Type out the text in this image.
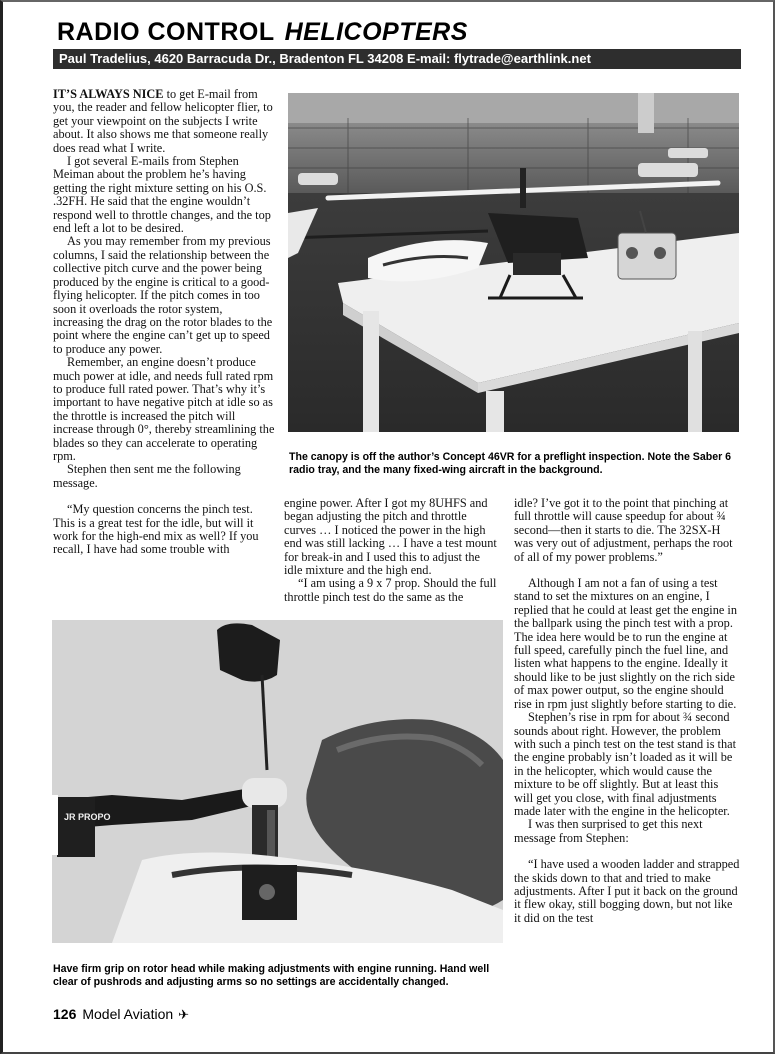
RADIO CONTROL HELICOPTERS
Paul Tradelius, 4620 Barracuda Dr., Bradenton FL 34208 E-mail: flytrade@earthlink.net

IT’S ALWAYS NICE to get E-mail from you, the reader and fellow helicopter flier, to get your viewpoint on the subjects I write about. It also shows me that someone really does read what I write.

I got several E-mails from Stephen Meiman about the problem he’s having getting the right mixture setting on his O.S. .32FH. He said that the engine wouldn’t respond well to throttle changes, and the top end left a lot to be desired.

As you may remember from my previous columns, I said the relationship between the collective pitch curve and the power being produced by the engine is critical to a good-flying helicopter. If the pitch comes in too soon it overloads the rotor system, increasing the drag on the rotor blades to the point where the engine can’t get up to speed to produce any power.

Remember, an engine doesn’t produce much power at idle, and needs full rated rpm to produce full rated power. That’s why it’s important to have negative pitch at idle so as the throttle is increased the pitch will increase through 0°, thereby streamlining the blades so they can accelerate to operating rpm.

Stephen then sent me the following message.

“My question concerns the pinch test. This is a great test for the idle, but will it work for the high-end mix as well? If you recall, I have had some trouble with

engine power. After I got my 8UHFS and began adjusting the pitch and throttle curves … I noticed the power in the high end was still lacking … I have a test mount for break-in and I used this to adjust the idle mixture and the high end.

“I am using a 9 x 7 prop. Should the full throttle pinch test do the same as the

idle? I’ve got it to the point that pinching at full throttle will cause speedup for about ¾ second—then it starts to die. The 32SX-H was very out of adjustment, perhaps the root of all of my power problems.”

Although I am not a fan of using a test stand to set the mixtures on an engine, I replied that he could at least get the engine in the ballpark using the pinch test with a prop. The idea here would be to run the engine at full speed, carefully pinch the fuel line, and listen what happens to the engine. Ideally it should like to be just slightly on the rich side of max power output, so the engine should rise in rpm just slightly before starting to die.

Stephen’s rise in rpm for about ¾ second sounds about right. However, the problem with such a pinch test on the test stand is that the engine probably isn’t loaded as it will be in the helicopter, which would cause the mixture to be off slightly. But at least this will get you close, with final adjustments made later with the engine in the helicopter.

I was then surprised to get this next message from Stephen:

“I have used a wooden ladder and strapped the skids down to that and tried to make adjustments. After I put it back on the ground it flew okay, still bogging down, but not like it did on the test

JR PROPO
The canopy is off the author’s Concept 46VR for a preflight inspection. Note the Saber 6 radio tray, and the many fixed-wing aircraft in the background.
Have firm grip on rotor head while making adjustments with engine running. Hand well clear of pushrods and adjusting arms so no settings are accidentally changed.
126 Model Aviation ✈
